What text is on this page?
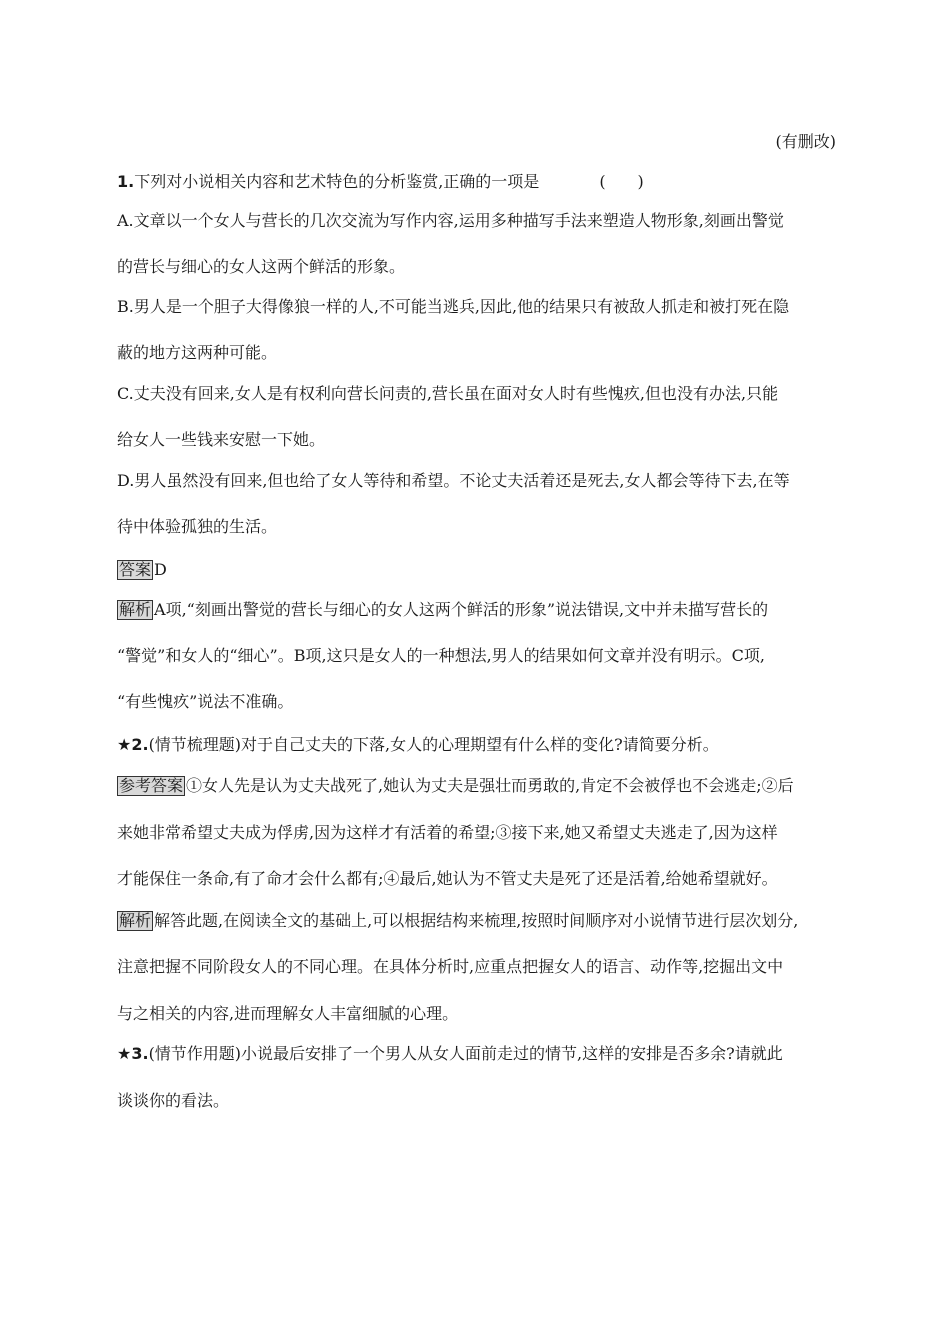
(有删改)
1.下列对小说相关内容和艺术特色的分析鉴赏,正确的一项是	(　　)
A.文章以一个女人与营长的几次交流为写作内容,运用多种描写手法来塑造人物形象,刻画出警觉
的营长与细心的女人这两个鲜活的形象。
B.男人是一个胆子大得像狼一样的人,不可能当逃兵,因此,他的结果只有被敌人抓走和被打死在隐
蔽的地方这两种可能。
C.丈夫没有回来,女人是有权利向营长问责的,营长虽在面对女人时有些愧疚,但也没有办法,只能
给女人一些钱来安慰一下她。
D.男人虽然没有回来,但也给了女人等待和希望。不论丈夫活着还是死去,女人都会等待下去,在等
待中体验孤独的生活。
答案 D
解析 A项,“刻画出警觉的营长与细心的女人这两个鲜活的形象”说法错误,文中并未描写营长的
“警觉”和女人的“细心”。B项,这只是女人的一种想法,男人的结果如何文章并没有明示。C项,
“有些愧疚”说法不准确。
★2.(情节梳理题)对于自己丈夫的下落,女人的心理期望有什么样的变化?请简要分析。
参考答案 ①女人先是认为丈夫战死了,她认为丈夫是强壮而勇敢的,肯定不会被俘也不会逃走;②后
来她非常希望丈夫成为俘虏,因为这样才有活着的希望;③接下来,她又希望丈夫逃走了,因为这样
才能保住一条命,有了命才会什么都有;④最后,她认为不管丈夫是死了还是活着,给她希望就好。
解析 解答此题,在阅读全文的基础上,可以根据结构来梳理,按照时间顺序对小说情节进行层次划分,
注意把握不同阶段女人的不同心理。在具体分析时,应重点把握女人的语言、动作等,挖掘出文中
与之相关的内容,进而理解女人丰富细腻的心理。
★3.(情节作用题)小说最后安排了一个男人从女人面前走过的情节,这样的安排是否多余?请就此
谈谈你的看法。
